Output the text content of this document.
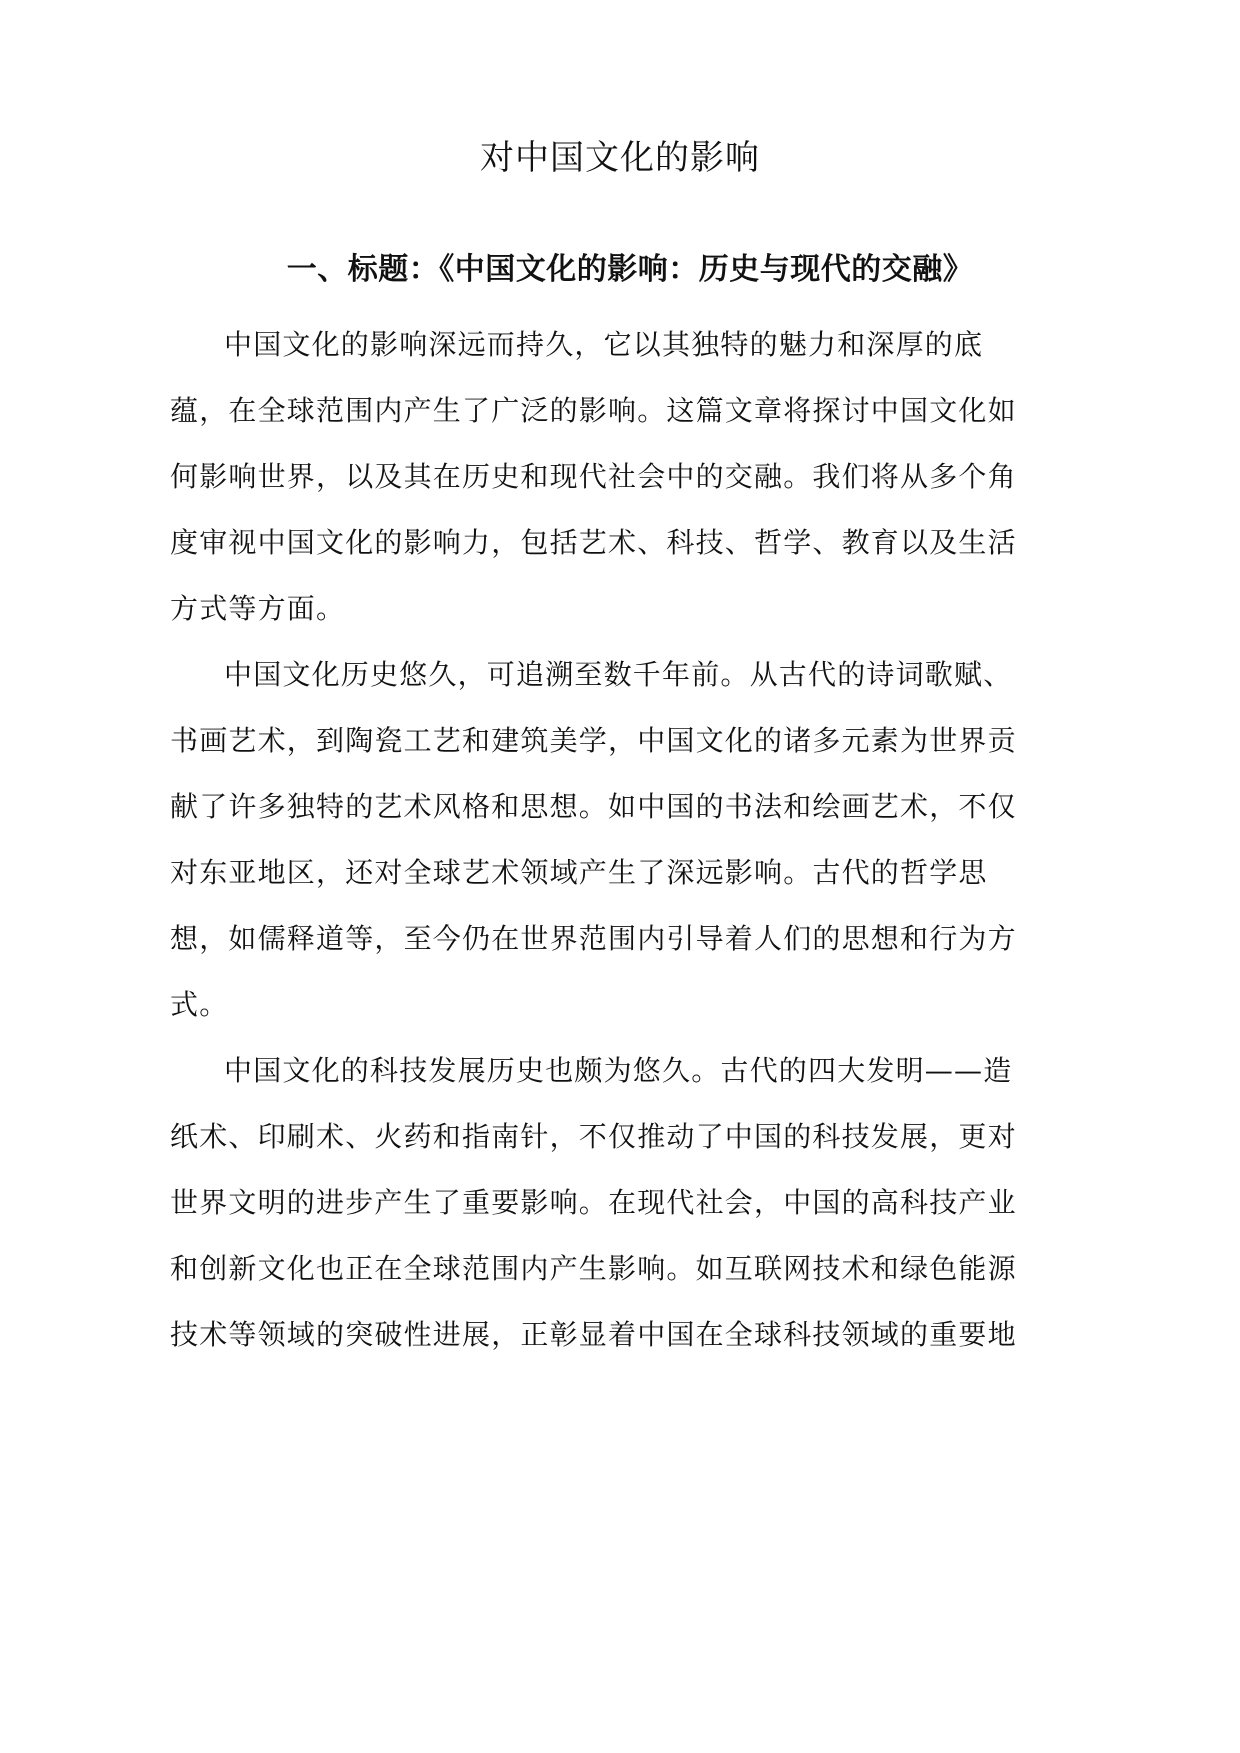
对中国文化的影响
一、标题：《中国文化的影响：历史与现代的交融》
中国文化的影响深远而持久，它以其独特的魅力和深厚的底
蕴，在全球范围内产生了广泛的影响。这篇文章将探讨中国文化如
何影响世界，以及其在历史和现代社会中的交融。我们将从多个角
度审视中国文化的影响力，包括艺术、科技、哲学、教育以及生活
方式等方面。
中国文化历史悠久，可追溯至数千年前。从古代的诗词歌赋、
书画艺术，到陶瓷工艺和建筑美学，中国文化的诸多元素为世界贡
献了许多独特的艺术风格和思想。如中国的书法和绘画艺术，不仅
对东亚地区，还对全球艺术领域产生了深远影响。古代的哲学思
想，如儒释道等，至今仍在世界范围内引导着人们的思想和行为方
式。
中国文化的科技发展历史也颇为悠久。古代的四大发明——造
纸术、印刷术、火药和指南针，不仅推动了中国的科技发展，更对
世界文明的进步产生了重要影响。在现代社会，中国的高科技产业
和创新文化也正在全球范围内产生影响。如互联网技术和绿色能源
技术等领域的突破性进展，正彰显着中国在全球科技领域的重要地
